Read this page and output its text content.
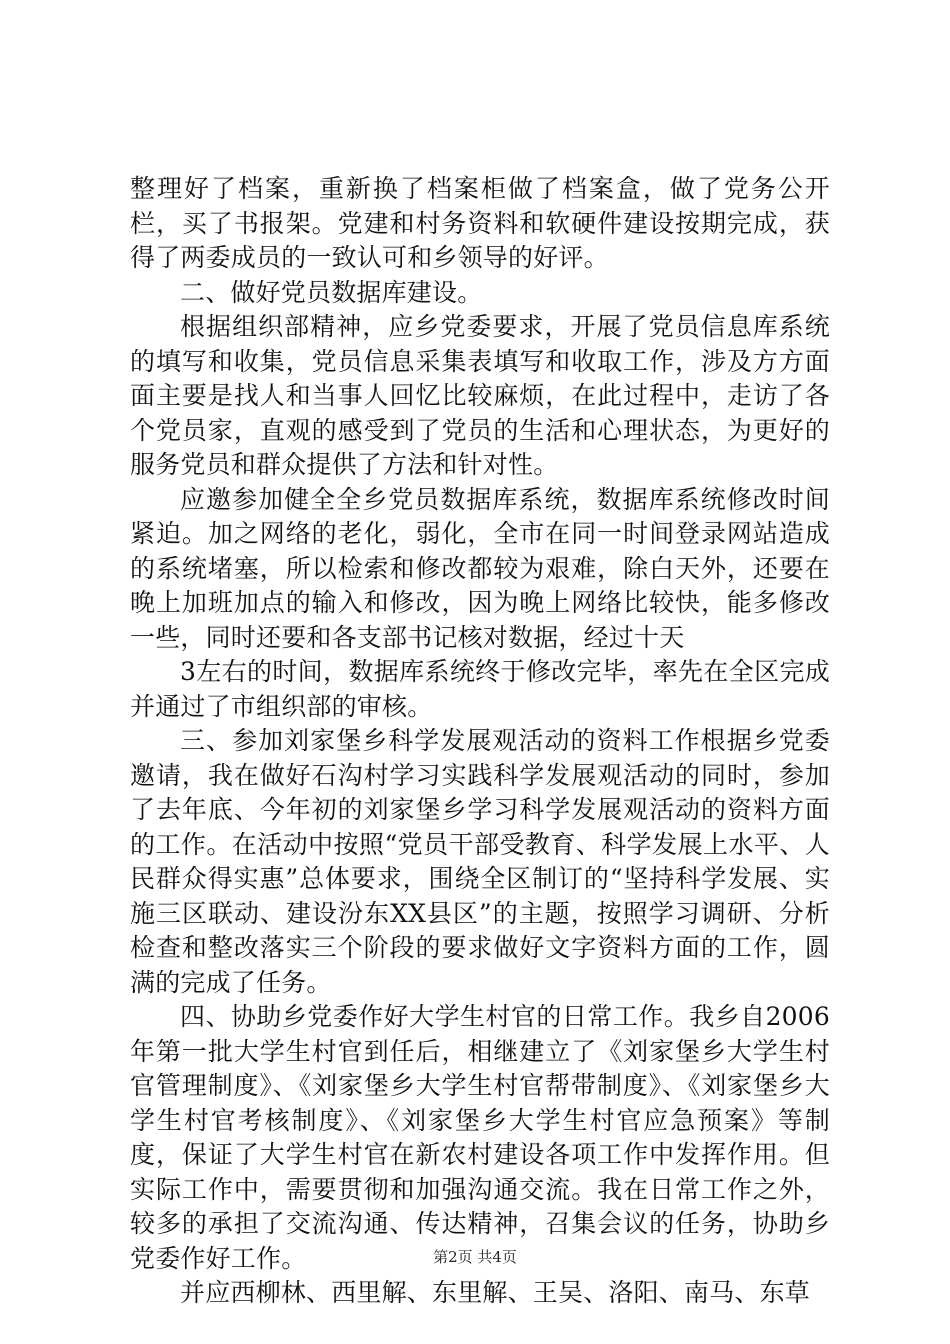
整理好了档案，重新换了档案柜做了档案盒，做了党务公开栏，买了书报架。党建和村务资料和软硬件建设按期完成，获得了两委成员的一致认可和乡领导的好评。

二、做好党员数据库建设。

根据组织部精神，应乡党委要求，开展了党员信息库系统的填写和收集，党员信息采集表填写和收取工作，涉及方方面面主要是找人和当事人回忆比较麻烦，在此过程中，走访了各个党员家，直观的感受到了党员的生活和心理状态，为更好的服务党员和群众提供了方法和针对性。

应邀参加健全全乡党员数据库系统，数据库系统修改时间紧迫。加之网络的老化，弱化，全市在同一时间登录网站造成的系统堵塞，所以检索和修改都较为艰难，除白天外，还要在晚上加班加点的输入和修改，因为晚上网络比较快，能多修改一些，同时还要和各支部书记核对数据，经过十天

3左右的时间，数据库系统终于修改完毕，率先在全区完成并通过了市组织部的审核。

三、参加刘家堡乡科学发展观活动的资料工作根据乡党委邀请，我在做好石沟村学习实践科学发展观活动的同时，参加了去年底、今年初的刘家堡乡学习科学发展观活动的资料方面的工作。在活动中按照“党员干部受教育、科学发展上水平、人民群众得实惠”总体要求，围绕全区制订的“坚持科学发展、实施三区联动、建设汾东XX县区”的主题，按照学习调研、分析检查和整改落实三个阶段的要求做好文字资料方面的工作，圆满的完成了任务。

四、协助乡党委作好大学生村官的日常工作。我乡自2006年第一批大学生村官到任后，相继建立了《刘家堡乡大学生村官管理制度》、《刘家堡乡大学生村官帮带制度》、《刘家堡乡大学生村官考核制度》、《刘家堡乡大学生村官应急预案》等制度，保证了大学生村官在新农村建设各项工作中发挥作用。但实际工作中，需要贯彻和加强沟通交流。我在日常工作之外，较多的承担了交流沟通、传达精神，召集会议的任务，协助乡党委作好工作。

并应西柳林、西里解、东里解、王吴、洛阳、南马、东草

第2页 共4页
